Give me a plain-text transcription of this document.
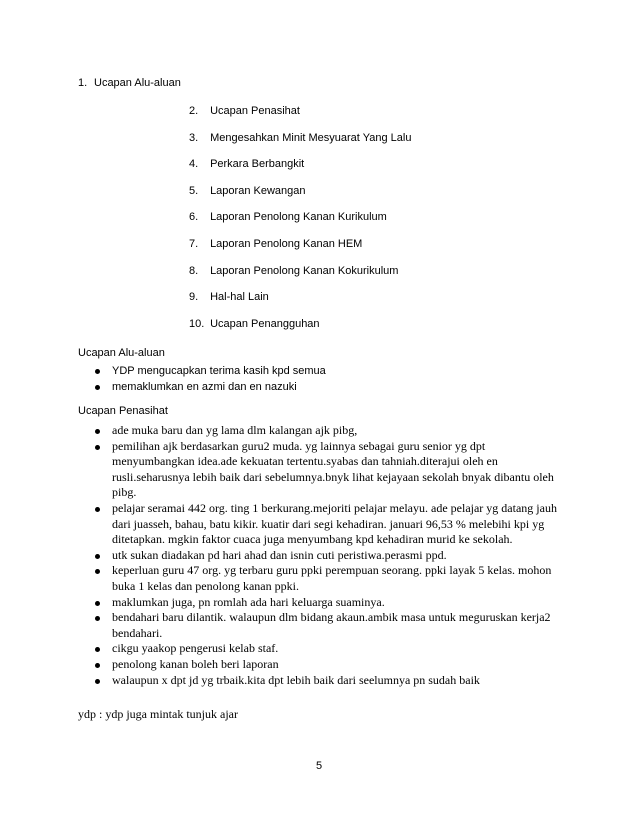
1. Ucapan Alu-aluan
2. Ucapan Penasihat
3. Mengesahkan Minit Mesyuarat Yang Lalu
4. Perkara Berbangkit
5. Laporan Kewangan
6. Laporan Penolong Kanan Kurikulum
7. Laporan Penolong Kanan HEM
8. Laporan Penolong Kanan Kokurikulum
9. Hal-hal Lain
10. Ucapan Penangguhan
Ucapan Alu-aluan
YDP mengucapkan terima kasih kpd semua
memaklumkan en azmi dan en nazuki
Ucapan Penasihat
ade muka baru dan yg lama dlm kalangan ajk pibg,
pemilihan ajk berdasarkan guru2 muda. yg lainnya sebagai guru senior yg dpt menyumbangkan idea.ade kekuatan tertentu.syabas dan tahniah.diterajui oleh en rusli.seharusnya lebih baik dari sebelumnya.bnyk lihat kejayaan sekolah bnyak dibantu oleh pibg.
pelajar seramai 442 org. ting 1 berkurang.mejoriti pelajar melayu. ade pelajar yg datang jauh dari juasseh, bahau, batu kikir. kuatir dari segi kehadiran. januari 96,53 % melebihi kpi yg ditetapkan. mgkin faktor cuaca juga menyumbang kpd kehadiran murid ke sekolah.
utk sukan diadakan pd hari ahad dan isnin cuti peristiwa.perasmi ppd.
keperluan guru 47 org. yg terbaru guru ppki perempuan seorang. ppki layak 5 kelas. mohon buka 1 kelas dan penolong kanan ppki.
maklumkan juga, pn romlah ada hari keluarga suaminya.
bendahari baru dilantik. walaupun dlm bidang akaun.ambik masa untuk meguruskan kerja2 bendahari.
cikgu yaakop pengerusi kelab staf.
penolong kanan boleh beri laporan
walaupun x dpt jd yg trbaik.kita dpt lebih baik dari seelumnya pn sudah baik
ydp : ydp juga mintak tunjuk ajar
5
